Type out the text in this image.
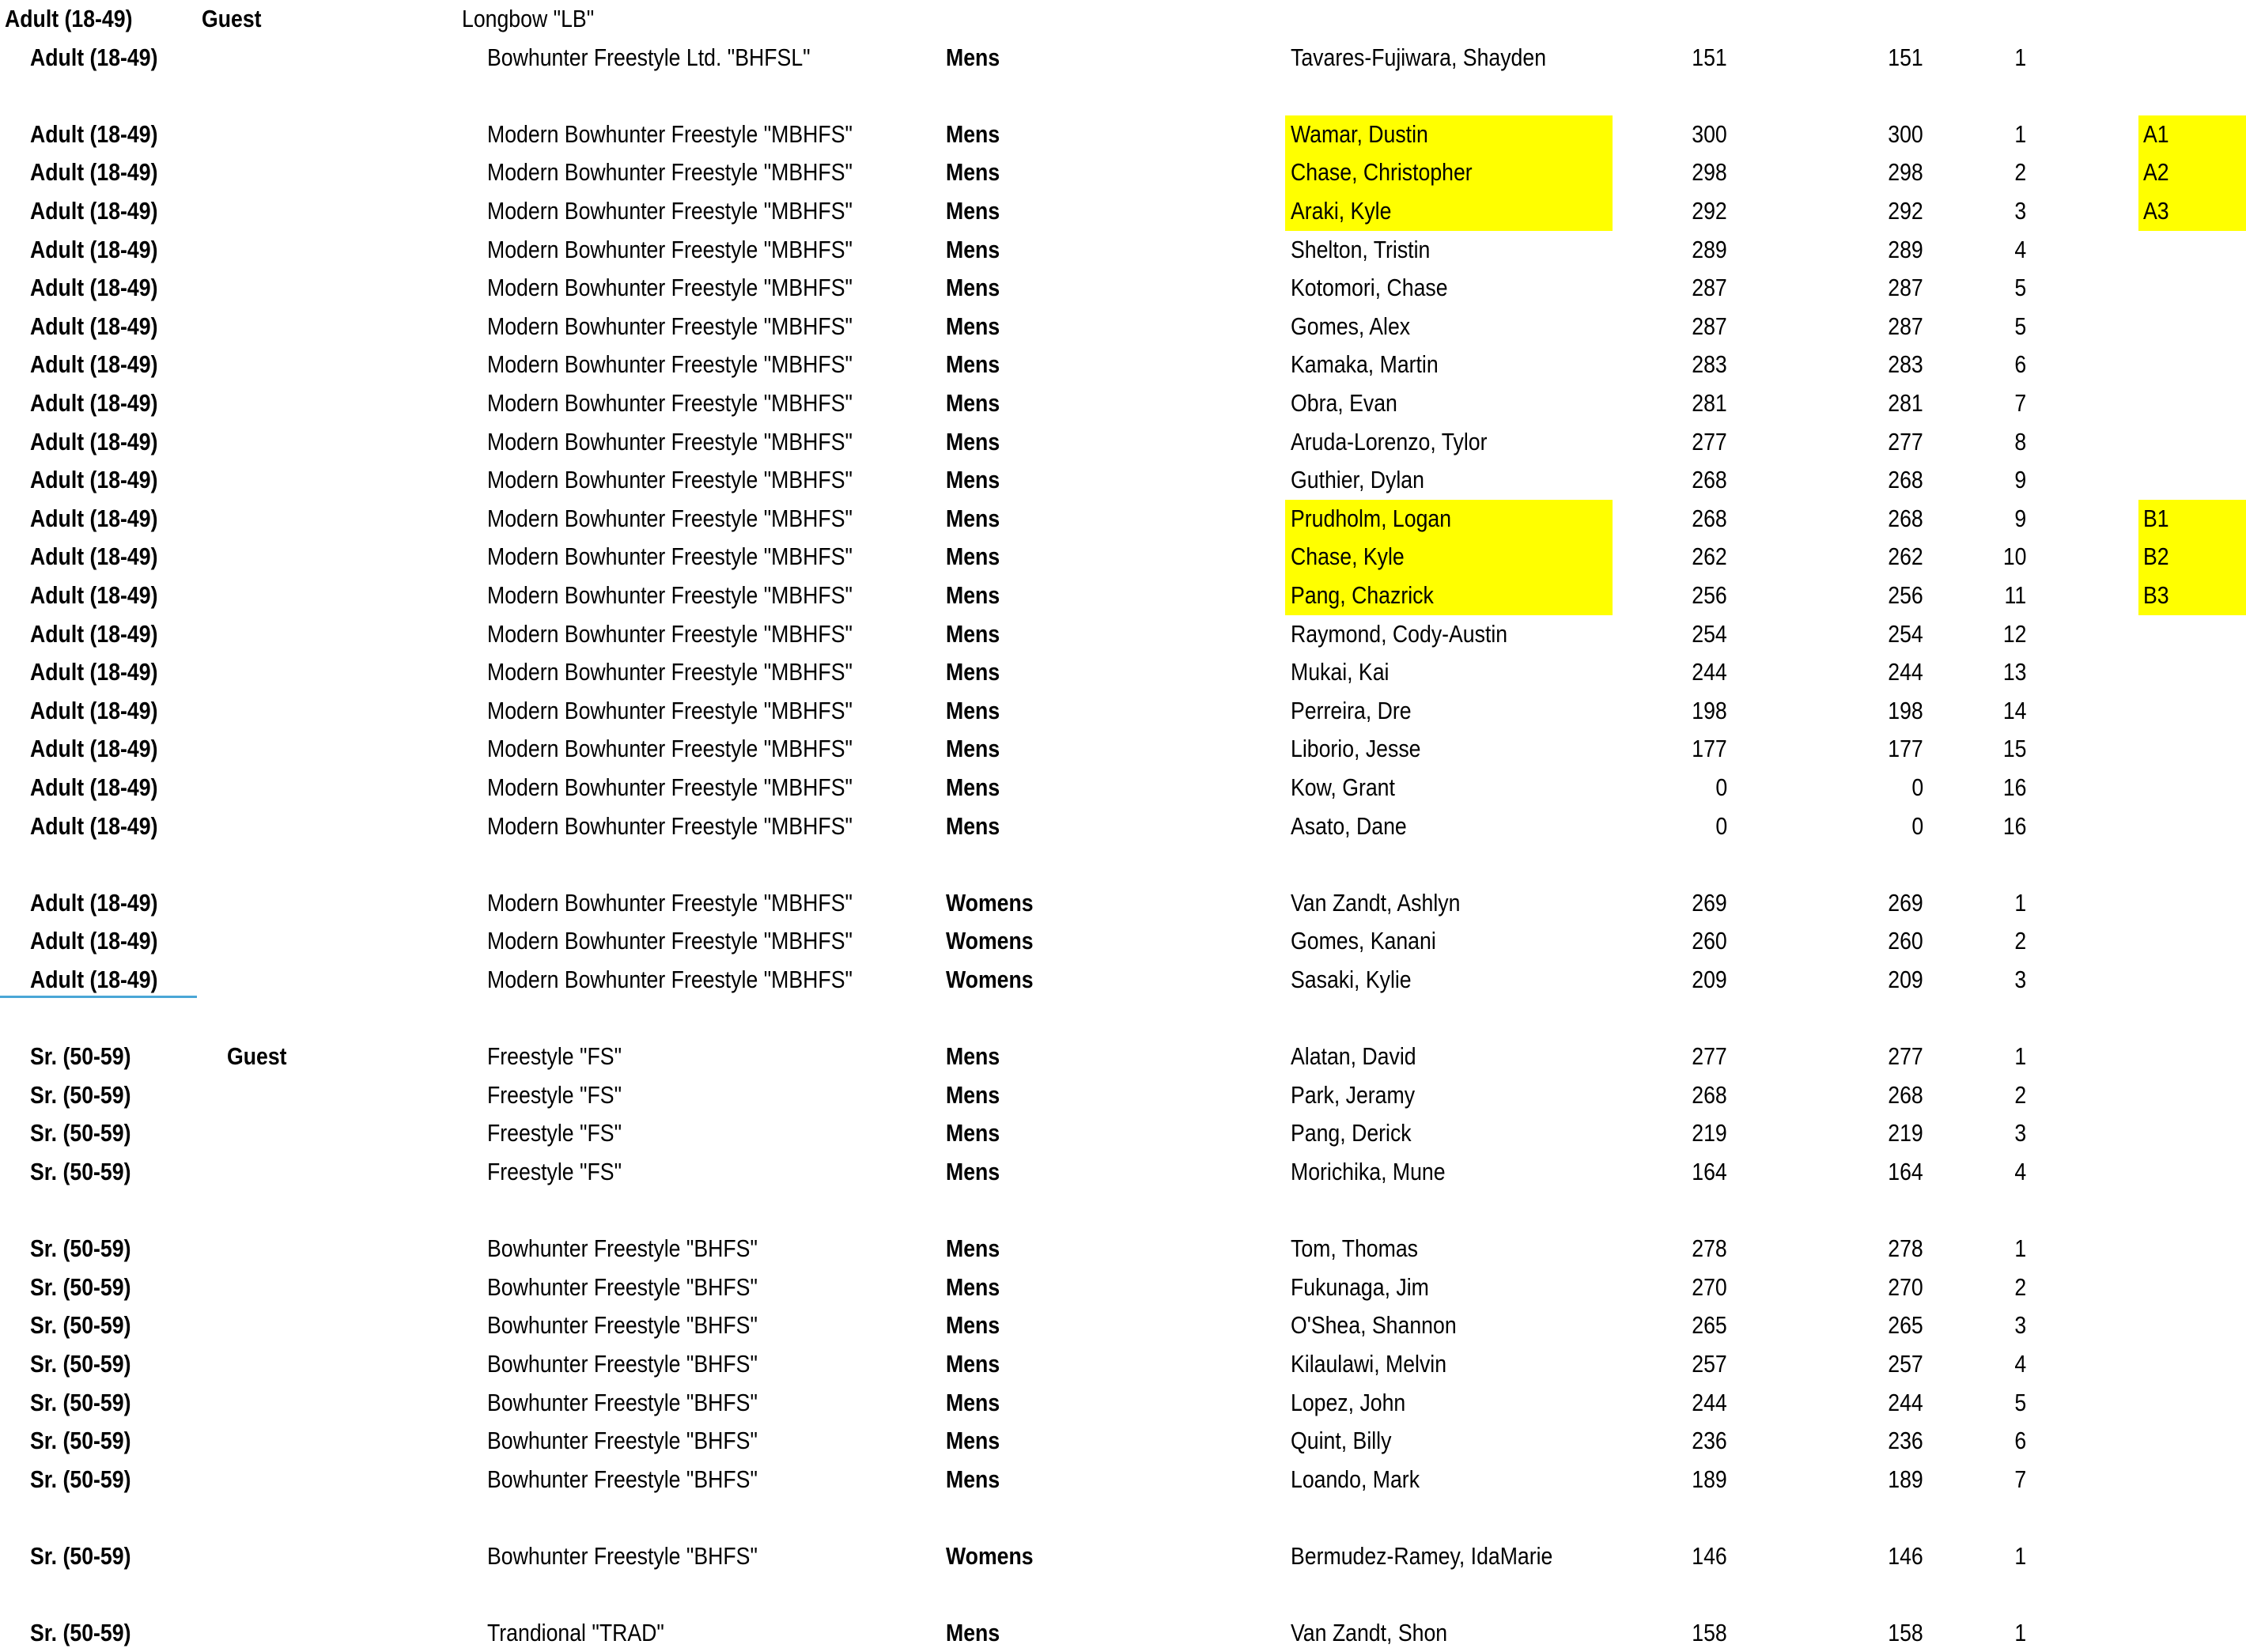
Adult (18-49)	Guest	Longbow "LB"
Adult (18-49)	Bowhunter Freestyle Ltd. "BHFSL"	Mens	Tavares-Fujiwara, Shayden	151	151	1
Adult (18-49)	Modern Bowhunter Freestyle "MBHFS"	Mens	Wamar, Dustin	300	300	1	A1
Adult (18-49)	Modern Bowhunter Freestyle "MBHFS"	Mens	Chase, Christopher	298	298	2	A2
Adult (18-49)	Modern Bowhunter Freestyle "MBHFS"	Mens	Araki, Kyle	292	292	3	A3
Adult (18-49)	Modern Bowhunter Freestyle "MBHFS"	Mens	Shelton, Tristin	289	289	4
Adult (18-49)	Modern Bowhunter Freestyle "MBHFS"	Mens	Kotomori, Chase	287	287	5
Adult (18-49)	Modern Bowhunter Freestyle "MBHFS"	Mens	Gomes, Alex	287	287	5
Adult (18-49)	Modern Bowhunter Freestyle "MBHFS"	Mens	Kamaka, Martin	283	283	6
Adult (18-49)	Modern Bowhunter Freestyle "MBHFS"	Mens	Obra, Evan	281	281	7
Adult (18-49)	Modern Bowhunter Freestyle "MBHFS"	Mens	Aruda-Lorenzo, Tylor	277	277	8
Adult (18-49)	Modern Bowhunter Freestyle "MBHFS"	Mens	Guthier, Dylan	268	268	9
Adult (18-49)	Modern Bowhunter Freestyle "MBHFS"	Mens	Prudholm, Logan	268	268	9	B1
Adult (18-49)	Modern Bowhunter Freestyle "MBHFS"	Mens	Chase, Kyle	262	262	10	B2
Adult (18-49)	Modern Bowhunter Freestyle "MBHFS"	Mens	Pang, Chazrick	256	256	11	B3
Adult (18-49)	Modern Bowhunter Freestyle "MBHFS"	Mens	Raymond, Cody-Austin	254	254	12
Adult (18-49)	Modern Bowhunter Freestyle "MBHFS"	Mens	Mukai, Kai	244	244	13
Adult (18-49)	Modern Bowhunter Freestyle "MBHFS"	Mens	Perreira, Dre	198	198	14
Adult (18-49)	Modern Bowhunter Freestyle "MBHFS"	Mens	Liborio, Jesse	177	177	15
Adult (18-49)	Modern Bowhunter Freestyle "MBHFS"	Mens	Kow, Grant	0	0	16
Adult (18-49)	Modern Bowhunter Freestyle "MBHFS"	Mens	Asato, Dane	0	0	16
Adult (18-49)	Modern Bowhunter Freestyle "MBHFS"	Womens	Van Zandt, Ashlyn	269	269	1
Adult (18-49)	Modern Bowhunter Freestyle "MBHFS"	Womens	Gomes, Kanani	260	260	2
Adult (18-49)	Modern Bowhunter Freestyle "MBHFS"	Womens	Sasaki, Kylie	209	209	3
Sr. (50-59)	Guest	Freestyle "FS"	Mens	Alatan, David	277	277	1
Sr. (50-59)	Freestyle "FS"	Mens	Park, Jeramy	268	268	2
Sr. (50-59)	Freestyle "FS"	Mens	Pang, Derick	219	219	3
Sr. (50-59)	Freestyle "FS"	Mens	Morichika, Mune	164	164	4
Sr. (50-59)	Bowhunter Freestyle "BHFS"	Mens	Tom, Thomas	278	278	1
Sr. (50-59)	Bowhunter Freestyle "BHFS"	Mens	Fukunaga, Jim	270	270	2
Sr. (50-59)	Bowhunter Freestyle "BHFS"	Mens	O'Shea, Shannon	265	265	3
Sr. (50-59)	Bowhunter Freestyle "BHFS"	Mens	Kilaulawi, Melvin	257	257	4
Sr. (50-59)	Bowhunter Freestyle "BHFS"	Mens	Lopez, John	244	244	5
Sr. (50-59)	Bowhunter Freestyle "BHFS"	Mens	Quint, Billy	236	236	6
Sr. (50-59)	Bowhunter Freestyle "BHFS"	Mens	Loando, Mark	189	189	7
Sr. (50-59)	Bowhunter Freestyle "BHFS"	Womens	Bermudez-Ramey, IdaMarie	146	146	1
Sr. (50-59)	Trandional "TRAD"	Mens	Van Zandt, Shon	158	158	1
